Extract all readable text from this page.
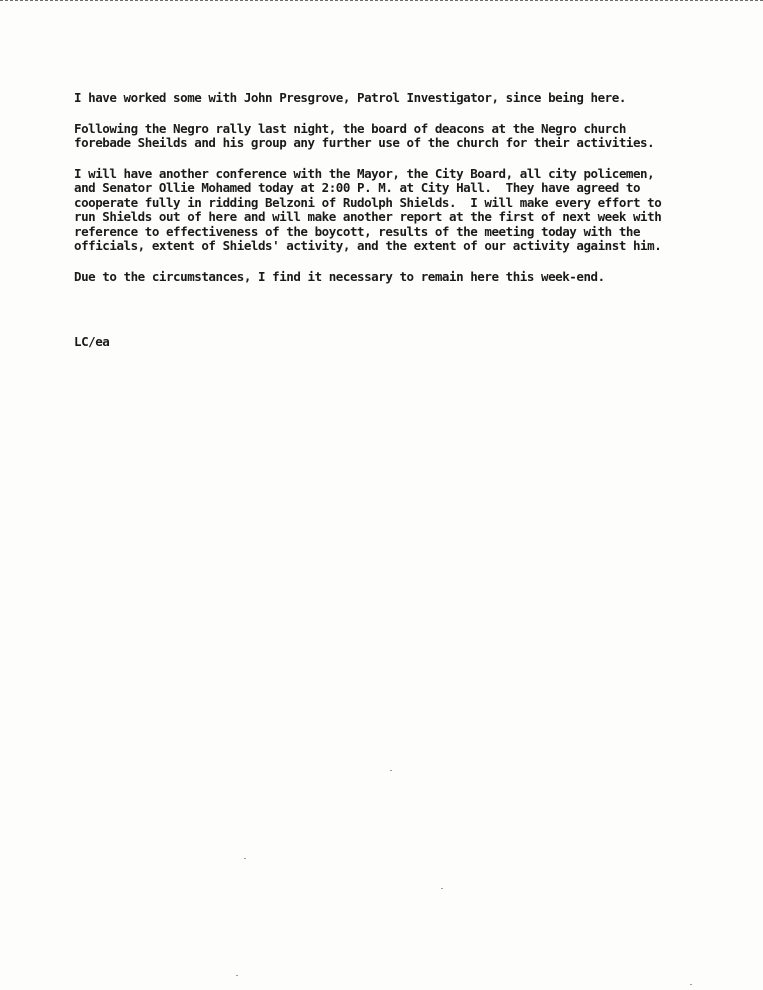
I have worked some with John Presgrove, Patrol Investigator, since being here.

Following the Negro rally last night, the board of deacons at the Negro church
forebade Sheilds and his group any further use of the church for their activities.

I will have another conference with the Mayor, the City Board, all city policemen,
and Senator Ollie Mohamed today at 2:00 P. M. at City Hall.  They have agreed to
cooperate fully in ridding Belzoni of Rudolph Shields.  I will make every effort to
run Shields out of here and will make another report at the first of next week with
reference to effectiveness of the boycott, results of the meeting today with the
officials, extent of Shields' activity, and the extent of our activity against him.

Due to the circumstances, I find it necessary to remain here this week-end.

LC/ea
